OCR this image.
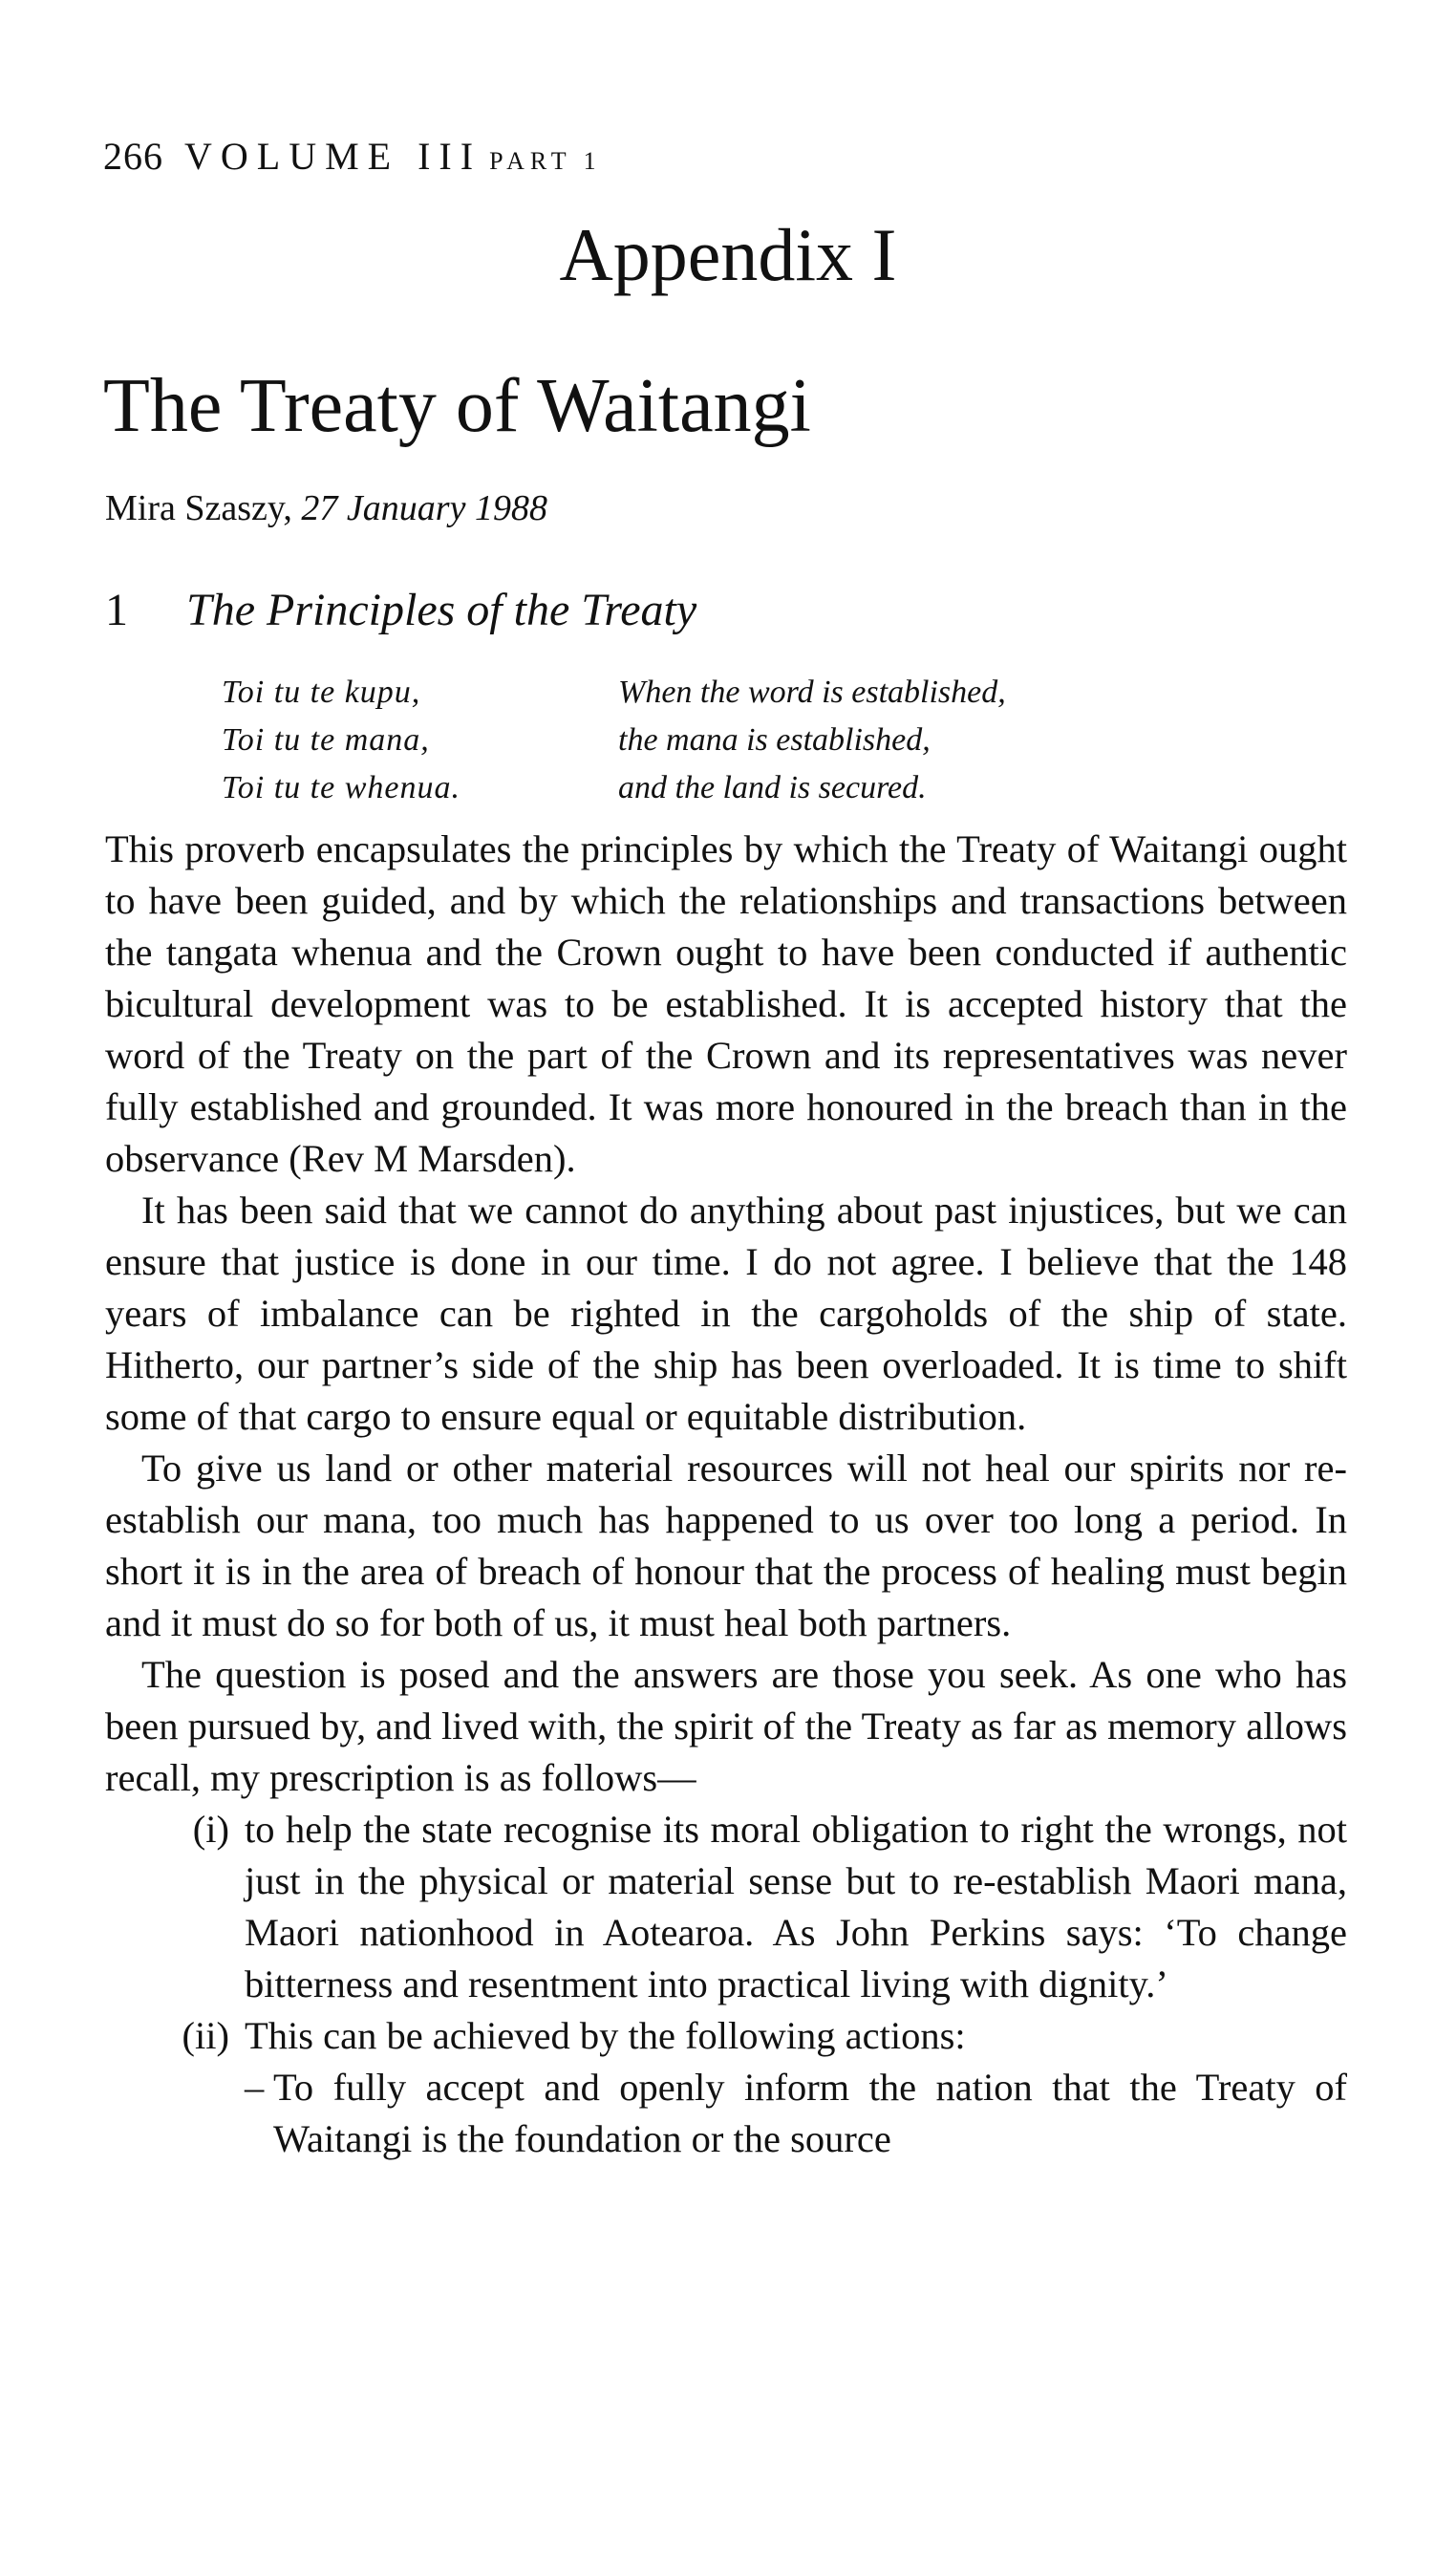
266 VOLUME III PART 1
Appendix I
The Treaty of Waitangi
Mira Szaszy, 27 January 1988
1 The Principles of the Treaty
Toi tu te kupu,	When the word is established,
Toi tu te mana,	the mana is established,
Toi tu te whenua.	and the land is secured.

This proverb encapsulates the principles by which the Treaty of Waitangi ought to have been guided, and by which the relationships and transactions between the tangata whenua and the Crown ought to have been conducted if authentic bicultural development was to be established. It is accepted history that the word of the Treaty on the part of the Crown and its representatives was never fully established and grounded. It was more honoured in the breach than in the observance (Rev M Marsden).

It has been said that we cannot do anything about past injustices, but we can ensure that justice is done in our time. I do not agree. I believe that the 148 years of imbalance can be righted in the cargoholds of the ship of state. Hitherto, our partner’s side of the ship has been overloaded. It is time to shift some of that cargo to ensure equal or equitable distribution.

To give us land or other material resources will not heal our spirits nor re-establish our mana, too much has happened to us over too long a period. In short it is in the area of breach of honour that the process of healing must begin and it must do so for both of us, it must heal both partners.

The question is posed and the answers are those you seek. As one who has been pursued by, and lived with, the spirit of the Treaty as far as memory allows recall, my prescription is as follows—

(i) to help the state recognise its moral obligation to right the wrongs, not just in the physical or material sense but to re-establish Maori mana, Maori nationhood in Aotearoa. As John Perkins says: ‘To change bitterness and resentment into practical living with dignity.’
(ii) This can be achieved by the following actions:
– To fully accept and openly inform the nation that the Treaty of Waitangi is the foundation or the source
